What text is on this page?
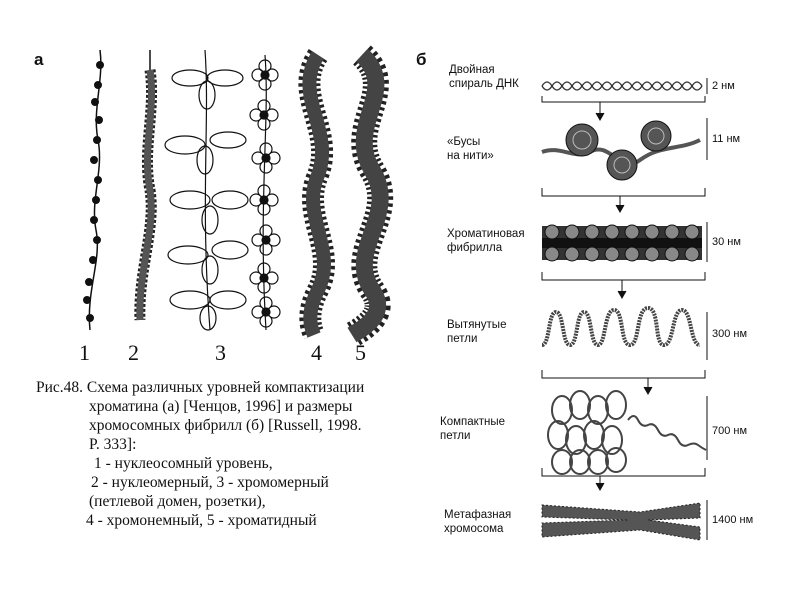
а
1 2	3	4 5
Рис.48. Схема различных уровней компактизации
хроматина (а) [Ченцов, 1996] и размеры
хромосомных фибрилл (б) [Russell, 1998.
P. 333]:
1 - нуклеосомный уровень,
2 - нуклеомерный, 3 - хромомерный
(петлевой домен, розетки),
4 - хромонемный, 5 - хроматидный
б
Двойная
спираль ДНК
«Бусы
на нити»
Хроматиновая
фибрилла
Вытянутые
петли
Компактные
петли
Метафазная
хромосома
2 нм
11 нм
30 нм
300 нм
700 нм
1400 нм
